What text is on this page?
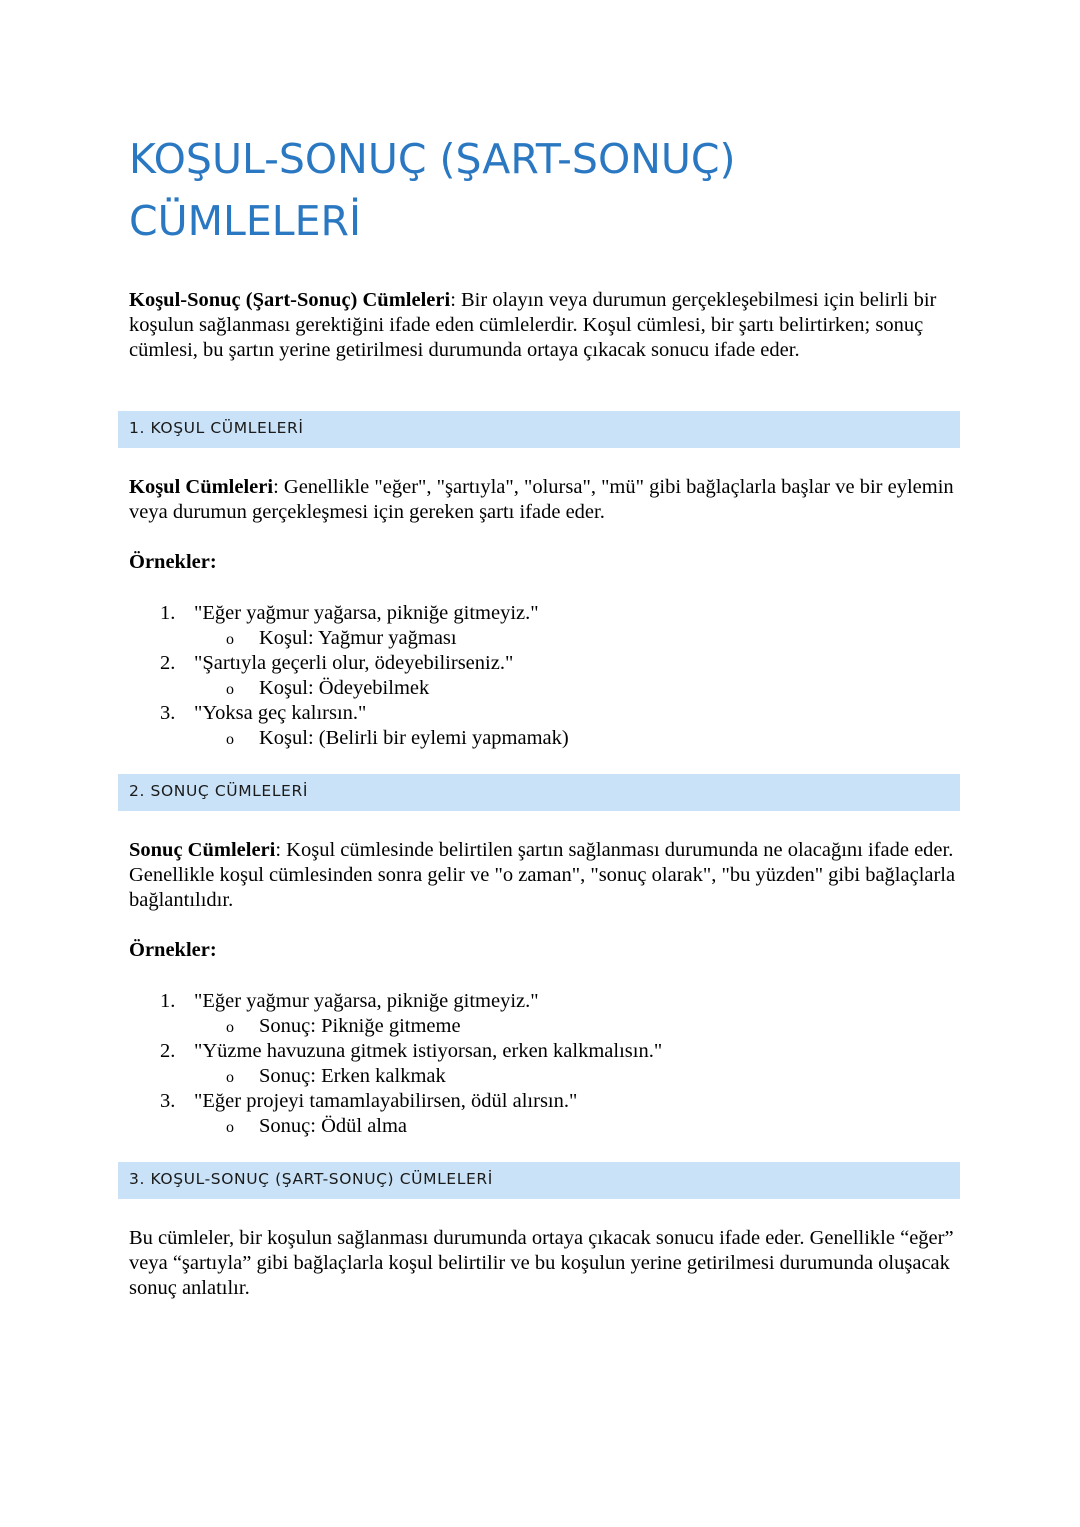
KOŞUL-SONUÇ (ŞART-SONUÇ)
CÜMLELERİ

Koşul-Sonuç (Şart-Sonuç) Cümleleri: Bir olayın veya durumun gerçekleşebilmesi için belirli bir koşulun sağlanması gerektiğini ifade eden cümlelerdir. Koşul cümlesi, bir şartı belirtirken; sonuç cümlesi, bu şartın yerine getirilmesi durumunda ortaya çıkacak sonucu ifade eder.

1. KOŞUL CÜMLELERİ

Koşul Cümleleri: Genellikle "eğer", "şartıyla", "olursa", "mü" gibi bağlaçlarla başlar ve bir eylemin veya durumun gerçekleşmesi için gereken şartı ifade eder.

Örnekler:
1. "Eğer yağmur yağarsa, pikniğe gitmeyiz."
o Koşul: Yağmur yağması
2. "Şartıyla geçerli olur, ödeyebilirseniz."
o Koşul: Ödeyebilmek
3. "Yoksa geç kalırsın."
o Koşul: (Belirli bir eylemi yapmamak)
2. SONUÇ CÜMLELERİ

Sonuç Cümleleri: Koşul cümlesinde belirtilen şartın sağlanması durumunda ne olacağını ifade eder. Genellikle koşul cümlesinden sonra gelir ve "o zaman", "sonuç olarak", "bu yüzden" gibi bağlaçlarla bağlantılıdır.

Örnekler:
1. "Eğer yağmur yağarsa, pikniğe gitmeyiz."
o Sonuç: Pikniğe gitmeme
2. "Yüzme havuzuna gitmek istiyorsan, erken kalkmalısın."
o Sonuç: Erken kalkmak
3. "Eğer projeyi tamamlayabilirsen, ödül alırsın."
o Sonuç: Ödül alma
3. KOŞUL-SONUÇ (ŞART-SONUÇ) CÜMLELERİ

Bu cümleler, bir koşulun sağlanması durumunda ortaya çıkacak sonucu ifade eder. Genellikle “eğer” veya “şartıyla” gibi bağlaçlarla koşul belirtilir ve bu koşulun yerine getirilmesi durumunda oluşacak sonuç anlatılır.
